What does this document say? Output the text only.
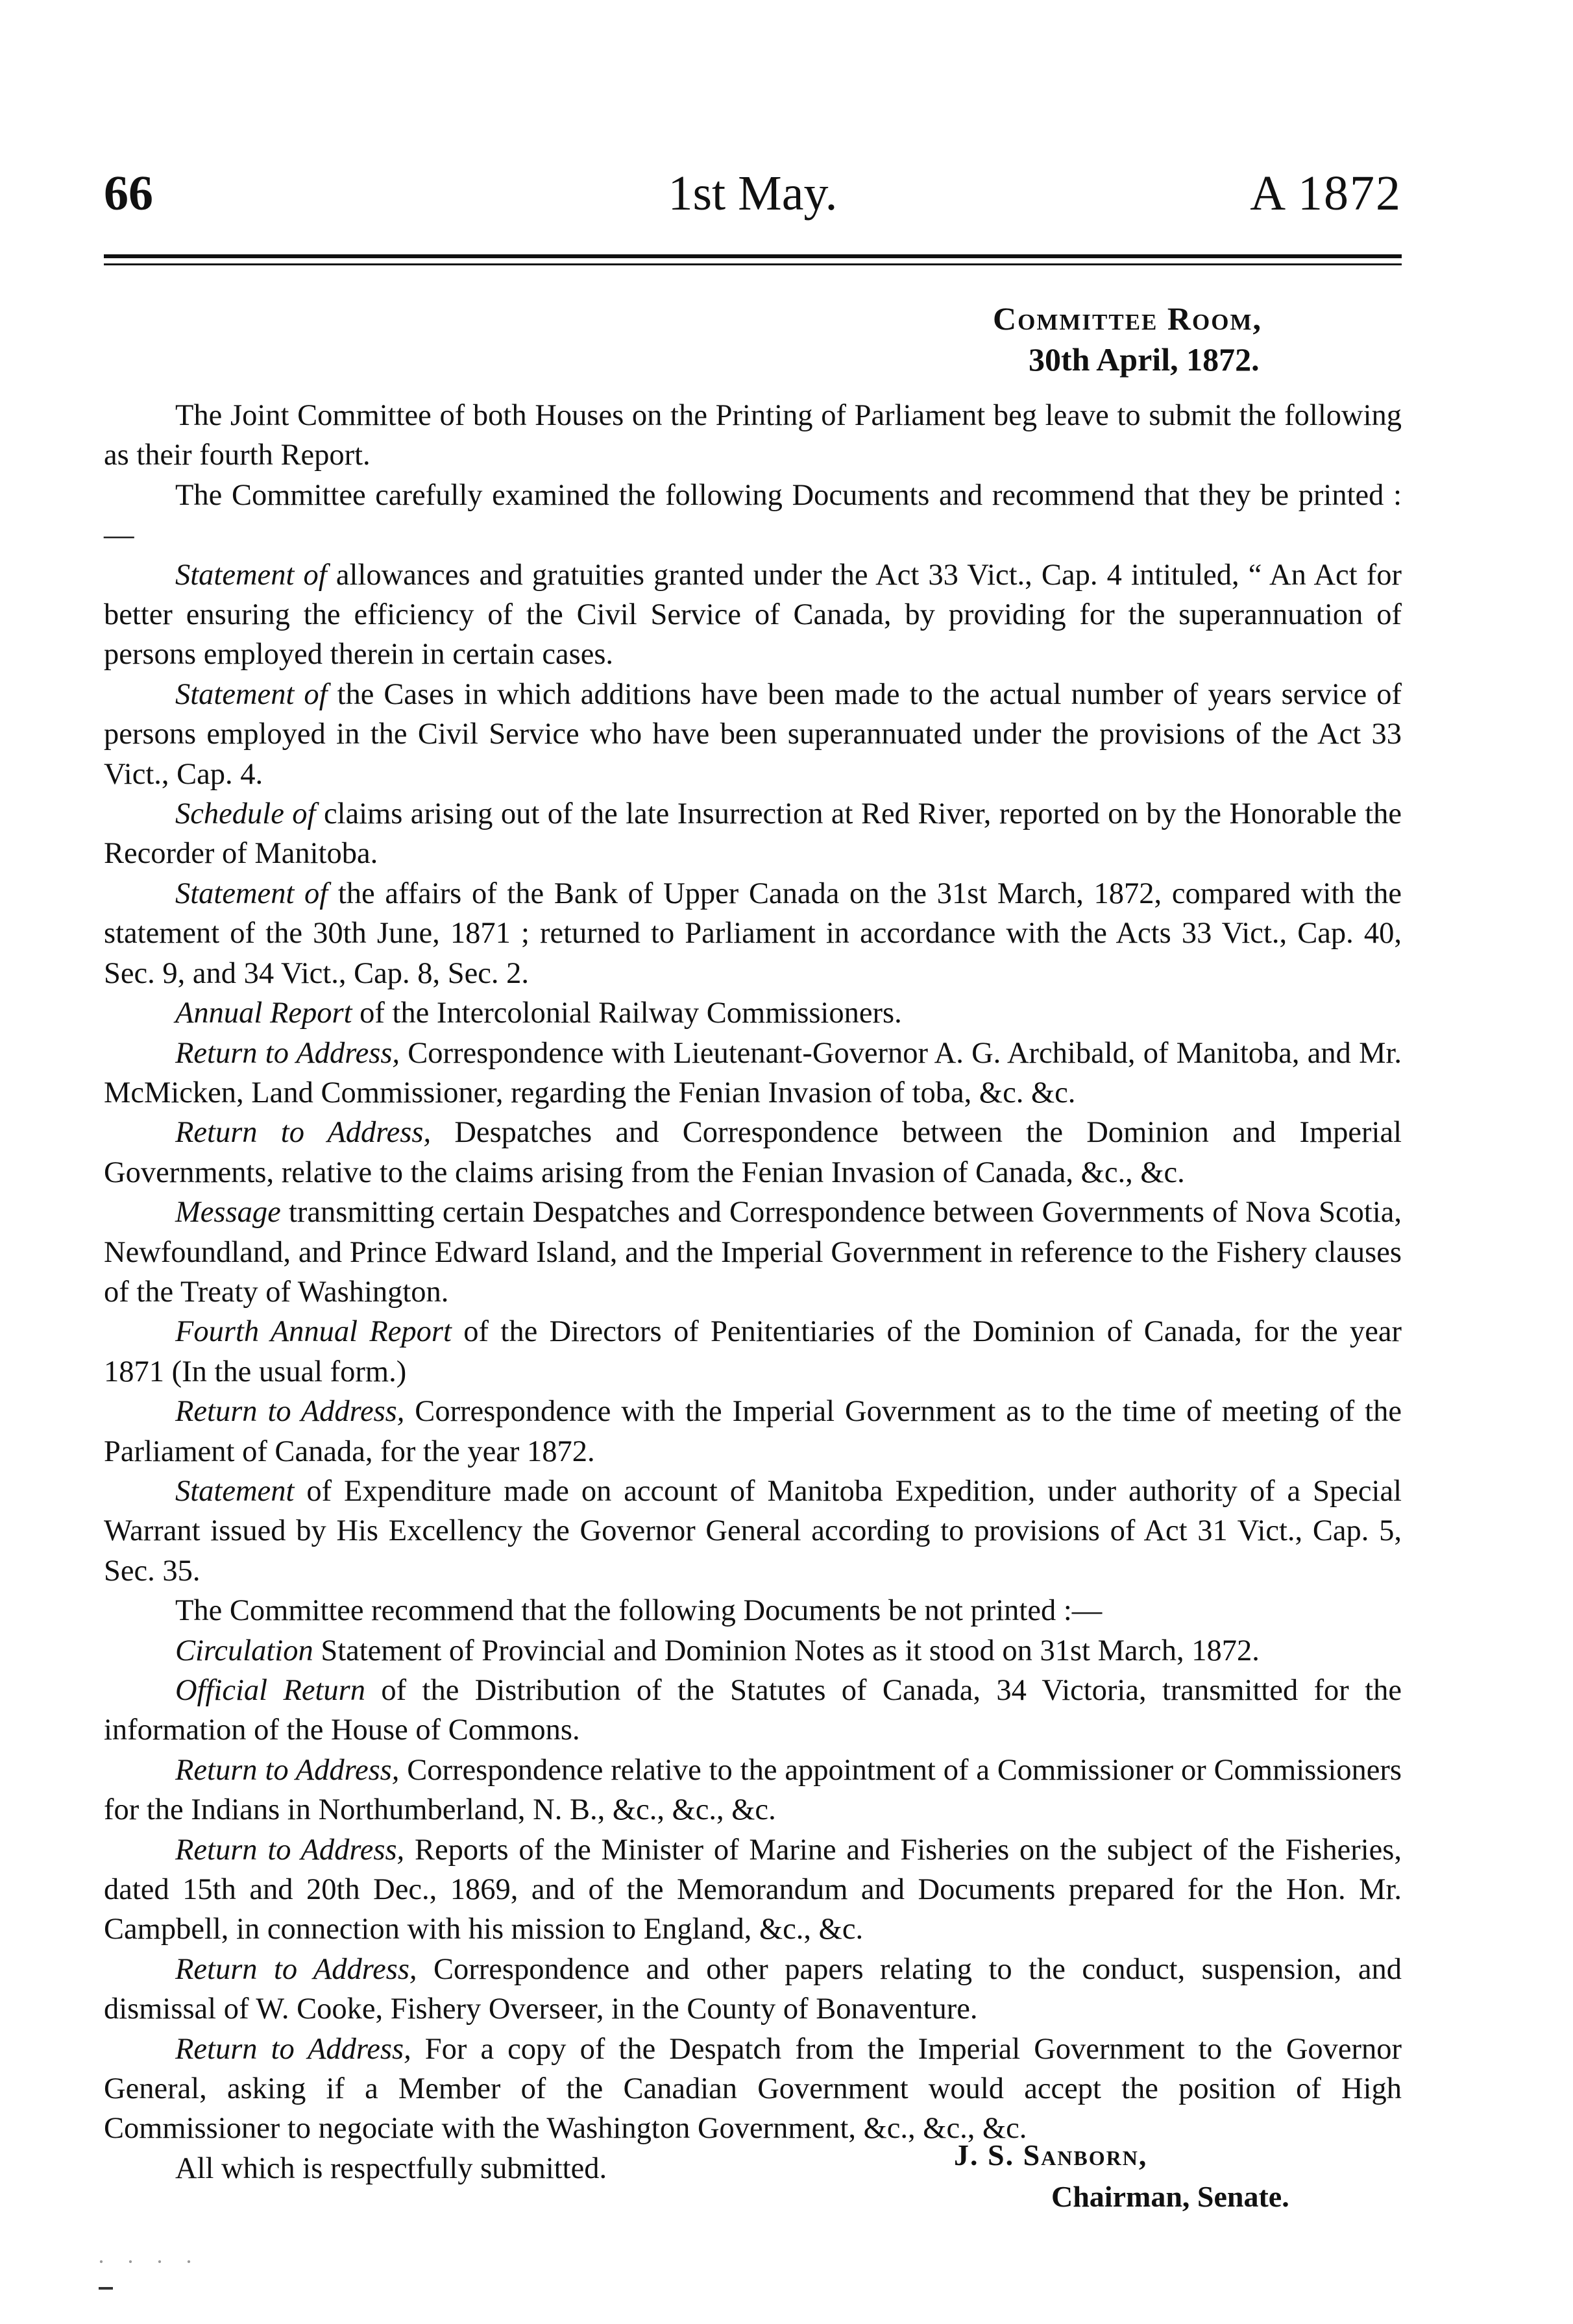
66	1st May.	A 1872
Committee Room,
30th April, 1872.

The Joint Committee of both Houses on the Printing of Parliament beg leave to submit the following as their fourth Report.

The Committee carefully examined the following Documents and recommend that they be printed :—

Statement of allowances and gratuities granted under the Act 33 Vict., Cap. 4 intituled, “ An Act for better ensuring the efficiency of the Civil Service of Canada, by providing for the superannuation of persons employed therein in certain cases.

Statement of the Cases in which additions have been made to the actual number of years service of persons employed in the Civil Service who have been superannuated under the provisions of the Act 33 Vict., Cap. 4.

Schedule of claims arising out of the late Insurrection at Red River, reported on by the Honorable the Recorder of Manitoba.

Statement of the affairs of the Bank of Upper Canada on the 31st March, 1872, compared with the statement of the 30th June, 1871 ; returned to Parliament in accordance with the Acts 33 Vict., Cap. 40, Sec. 9, and 34 Vict., Cap. 8, Sec. 2.

Annual Report of the Intercolonial Railway Commissioners.

Return to Address, Correspondence with Lieutenant-Governor A. G. Archibald, of Manitoba, and Mr. McMicken, Land Commissioner, regarding the Fenian Invasion of toba, &c. &c.

Return to Address, Despatches and Correspondence between the Dominion and Imperial Governments, relative to the claims arising from the Fenian Invasion of Canada, &c., &c.

Message transmitting certain Despatches and Correspondence between Governments of Nova Scotia, Newfoundland, and Prince Edward Island, and the Imperial Government in reference to the Fishery clauses of the Treaty of Washington.

Fourth Annual Report of the Directors of Penitentiaries of the Dominion of Canada, for the year 1871 (In the usual form.)

Return to Address, Correspondence with the Imperial Government as to the time of meeting of the Parliament of Canada, for the year 1872.

Statement of Expenditure made on account of Manitoba Expedition, under authority of a Special Warrant issued by His Excellency the Governor General according to provisions of Act 31 Vict., Cap. 5, Sec. 35.

The Committee recommend that the following Documents be not printed :—

Circulation Statement of Provincial and Dominion Notes as it stood on 31st March, 1872.

Official Return of the Distribution of the Statutes of Canada, 34 Victoria, transmitted for the information of the House of Commons.

Return to Address, Correspondence relative to the appointment of a Commissioner or Commissioners for the Indians in Northumberland, N. B., &c., &c., &c.

Return to Address, Reports of the Minister of Marine and Fisheries on the subject of the Fisheries, dated 15th and 20th Dec., 1869, and of the Memorandum and Documents prepared for the Hon. Mr. Campbell, in connection with his mission to England, &c., &c.

Return to Address, Correspondence and other papers relating to the conduct, suspension, and dismissal of W. Cooke, Fishery Overseer, in the County of Bonaventure.

Return to Address, For a copy of the Despatch from the Imperial Government to the Governor General, asking if a Member of the Canadian Government would accept the position of High Commissioner to negociate with the Washington Government, &c., &c., &c.

All which is respectfully submitted.	J. S. Sanborn,
Chairman, Senate.
· · · ·
